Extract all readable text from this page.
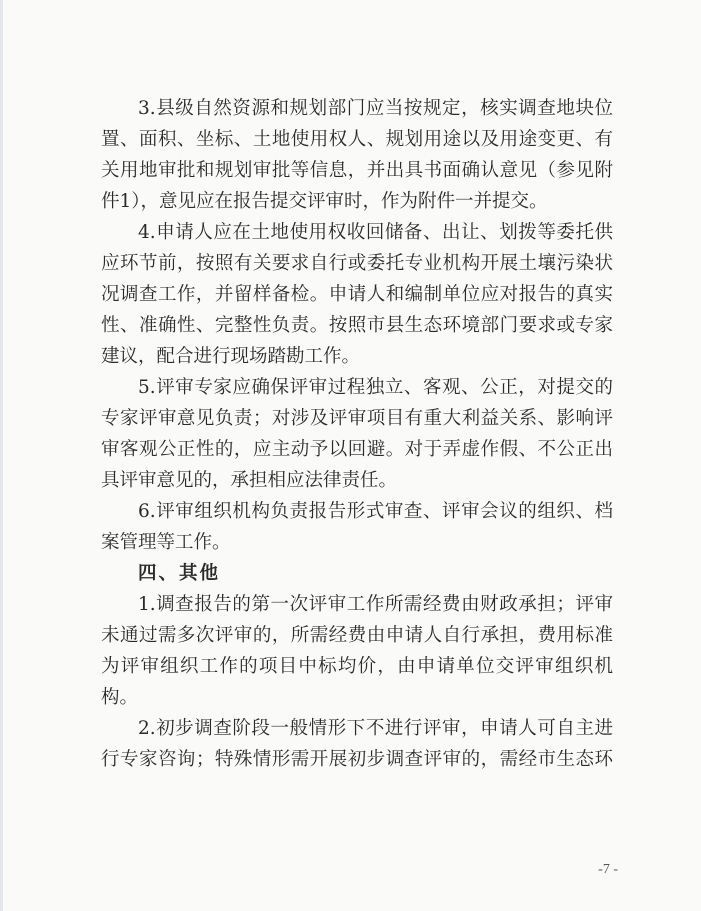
3.县级自然资源和规划部门应当按规定，核实调查地块位
置、面积、坐标、土地使用权人、规划用途以及用途变更、有
关用地审批和规划审批等信息，并出具书面确认意见（参见附
件1），意见应在报告提交评审时，作为附件一并提交。
4.申请人应在土地使用权收回储备、出让、划拨等委托供
应环节前，按照有关要求自行或委托专业机构开展土壤污染状
况调查工作，并留样备检。申请人和编制单位应对报告的真实
性、准确性、完整性负责。按照市县生态环境部门要求或专家
建议，配合进行现场踏勘工作。
5.评审专家应确保评审过程独立、客观、公正，对提交的
专家评审意见负责；对涉及评审项目有重大利益关系、影响评
审客观公正性的，应主动予以回避。对于弄虚作假、不公正出
具评审意见的，承担相应法律责任。
6.评审组织机构负责报告形式审查、评审会议的组织、档
案管理等工作。
四、其他
1.调查报告的第一次评审工作所需经费由财政承担；评审
未通过需多次评审的，所需经费由申请人自行承担，费用标准
为评审组织工作的项目中标均价，由申请单位交评审组织机
构。
2.初步调查阶段一般情形下不进行评审，申请人可自主进
行专家咨询；特殊情形需开展初步调查评审的，需经市生态环
-7 -
